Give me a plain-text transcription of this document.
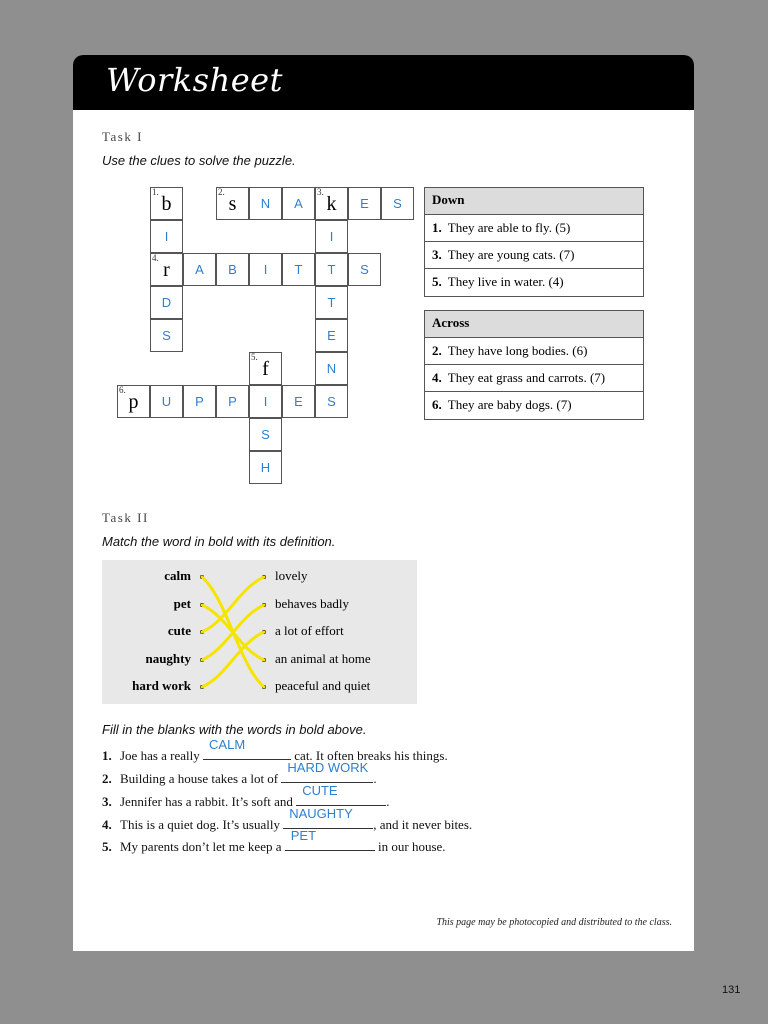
Worksheet
Task I
Use the clues to solve the puzzle.
1.
b
2.
s	N	A
3.
k	E	S
I	I
4.
r	A	B	I	T	T	S
D	T
S	E
5.
f	N
6.
p	U	P	P	I	E	S
S
H
Down
1. They are able to fly. (5)
3. They are young cats. (7)
5. They live in water. (4)
Across
2. They have long bodies. (6)
4. They eat grass and carrots. (7)
6. They are baby dogs. (7)
Task II
Match the word in bold with its definition.
calm
pet
cute
naughty
hard work
lovely
behaves badly
a lot of effort
an animal at home
peaceful and quiet
Fill in the blanks with the words in bold above.
1. Joe has a really
CALM
cat. It often breaks his things.
2. Building a house takes a lot of
HARD WORK
.
3. Jennifer has a rabbit. It’s soft and
CUTE
.
4. This is a quiet dog. It’s usually
NAUGHTY
, and it never bites.
5. My parents don’t let me keep a
PET
in our house.
This page may be photocopied and distributed to the class.
131
